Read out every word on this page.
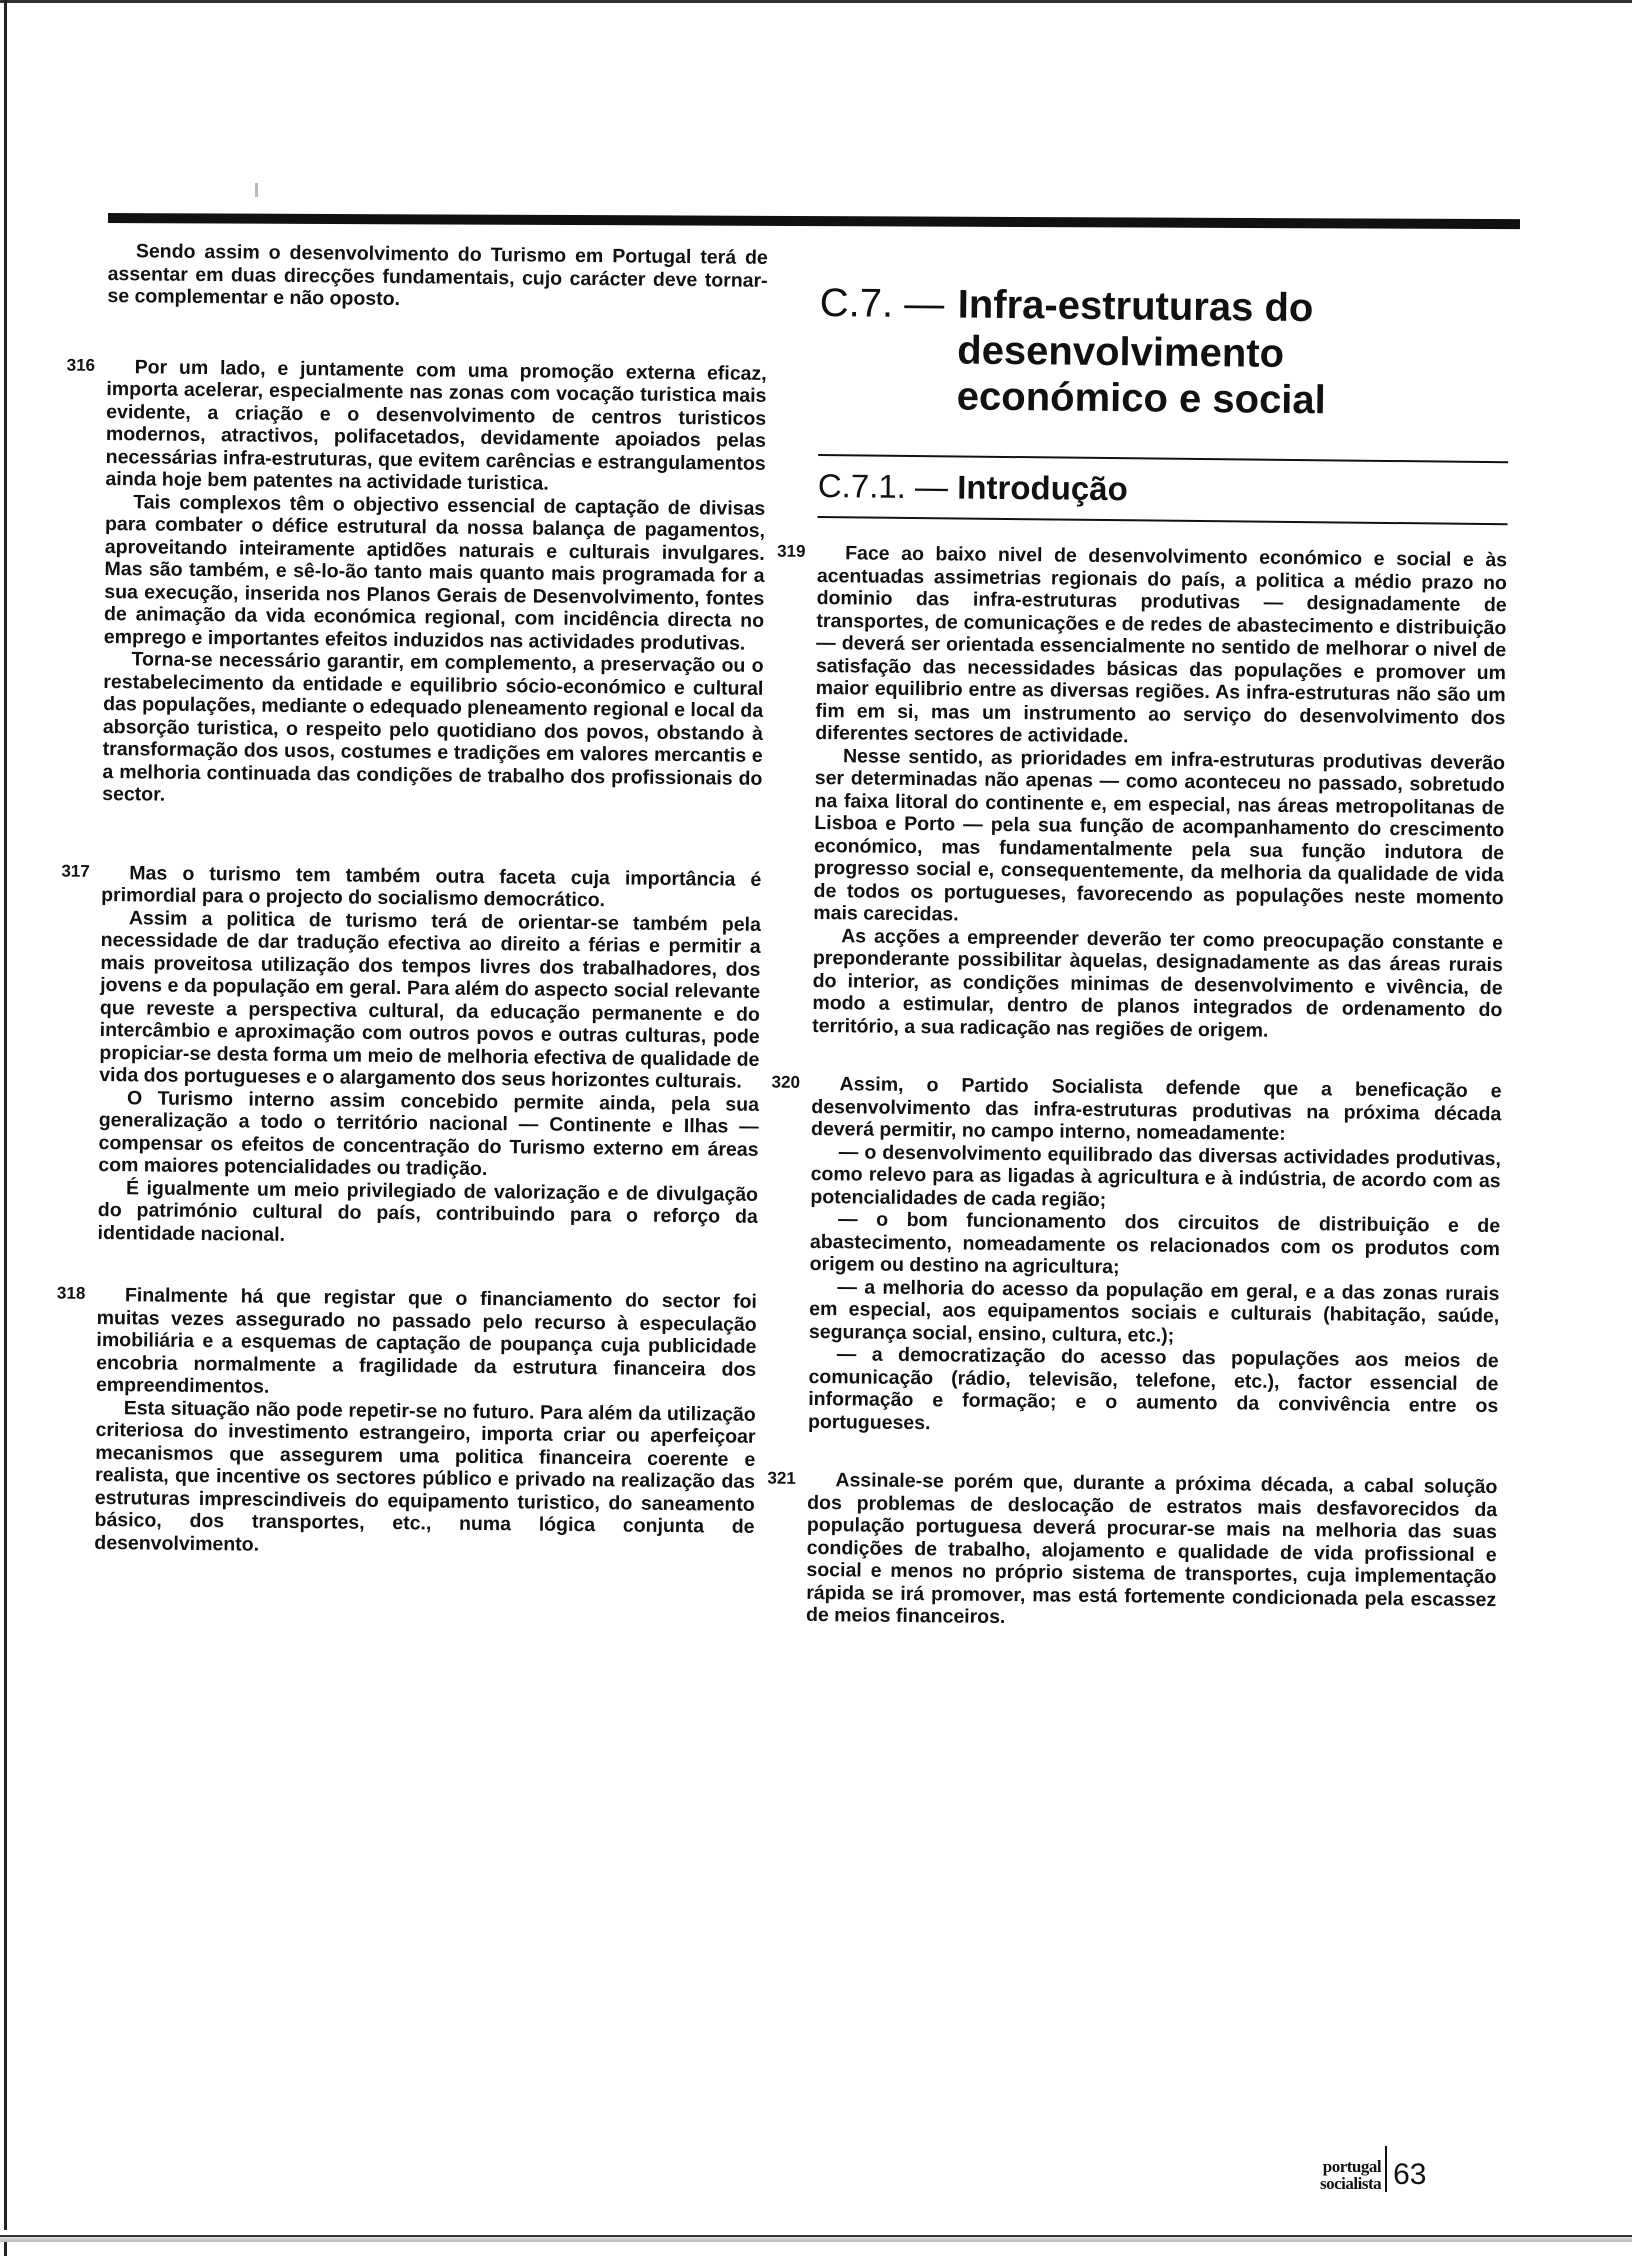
Sendo assim o desenvolvimento do Turismo em Portugal terá de assentar em duas direcções fundamentais, cujo carácter deve tornar-se complementar e não oposto.

316	Por um lado, e juntamente com uma promoção externa eficaz, importa acelerar, especialmente nas zonas com vocação turistica mais evidente, a criação e o desenvolvimento de centros turisticos modernos, atractivos, polifacetados, devidamente apoiados pelas necessárias infra-estruturas, que evitem carências e estrangulamentos ainda hoje bem patentes na actividade turistica.

Tais complexos têm o objectivo essencial de captação de divisas para combater o défice estrutural da nossa balança de pagamentos, aproveitando inteiramente aptidões naturais e culturais invulgares. Mas são também, e sê-lo-ão tanto mais quanto mais programada for a sua execução, inserida nos Planos Gerais de Desenvolvimento, fontes de animação da vida económica regional, com incidência directa no emprego e importantes efeitos induzidos nas actividades produtivas.

Torna-se necessário garantir, em complemento, a preservação ou o restabelecimento da entidade e equilibrio sócio-económico e cultural das populações, mediante o edequado pleneamento regional e local da absorção turistica, o respeito pelo quotidiano dos povos, obstando à transformação dos usos, costumes e tradições em valores mercantis e a melhoria continuada das condições de trabalho dos profissionais do sector.

317	Mas o turismo tem também outra faceta cuja importância é primordial para o projecto do socialismo democrático.

Assim a politica de turismo terá de orientar-se também pela necessidade de dar tradução efectiva ao direito a férias e permitir a mais proveitosa utilização dos tempos livres dos trabalhadores, dos jovens e da população em geral. Para além do aspecto social relevante que reveste a perspectiva cultural, da educação permanente e do intercâmbio e aproximação com outros povos e outras culturas, pode propiciar-se desta forma um meio de melhoria efectiva de qualidade de vida dos portugueses e o alargamento dos seus horizontes culturais.

O Turismo interno assim concebido permite ainda, pela sua generalização a todo o território nacional — Continente e Ilhas — compensar os efeitos de concentração do Turismo externo em áreas com maiores potencialidades ou tradição.

É igualmente um meio privilegiado de valorização e de divulgação do património cultural do país, contribuindo para o reforço da identidade nacional.

318	Finalmente há que registar que o financiamento do sector foi muitas vezes assegurado no passado pelo recurso à especulação imobiliária e a esquemas de captação de poupança cuja publicidade encobria normalmente a fragilidade da estrutura financeira dos empreendimentos.

Esta situação não pode repetir-se no futuro. Para além da utilização criteriosa do investimento estrangeiro, importa criar ou aperfeiçoar mecanismos que assegurem uma politica financeira coerente e realista, que incentive os sectores público e privado na realização das estruturas imprescindiveis do equipamento turistico, do saneamento básico, dos transportes, etc., numa lógica conjunta de desenvolvimento.

C.7. — Infra-estruturas do desenvolvimento económico e social
C.7.1. — Introdução
319	Face ao baixo nivel de desenvolvimento económico e social e às acentuadas assimetrias regionais do país, a politica a médio prazo no dominio das infra-estruturas produtivas — designadamente de transportes, de comunicações e de redes de abastecimento e distribuição — deverá ser orientada essencialmente no sentido de melhorar o nivel de satisfação das necessidades básicas das populações e promover um maior equilibrio entre as diversas regiões. As infra-estruturas não são um fim em si, mas um instrumento ao serviço do desenvolvimento dos diferentes sectores de actividade.

Nesse sentido, as prioridades em infra-estruturas produtivas deverão ser determinadas não apenas — como aconteceu no passado, sobretudo na faixa litoral do continente e, em especial, nas áreas metropolitanas de Lisboa e Porto — pela sua função de acompanhamento do crescimento económico, mas fundamentalmente pela sua função indutora de progresso social e, consequentemente, da melhoria da qualidade de vida de todos os portugueses, favorecendo as populações neste momento mais carecidas.

As acções a empreender deverão ter como preocupação constante e preponderante possibilitar àquelas, designadamente as das áreas rurais do interior, as condições minimas de desenvolvimento e vivência, de modo a estimular, dentro de planos integrados de ordenamento do território, a sua radicação nas regiões de origem.

320	Assim, o Partido Socialista defende que a beneficação e desenvolvimento das infra-estruturas produtivas na próxima década deverá permitir, no campo interno, nomeadamente:

— o desenvolvimento equilibrado das diversas actividades produtivas, como relevo para as ligadas à agricultura e à indústria, de acordo com as potencialidades de cada região;

— o bom funcionamento dos circuitos de distribuição e de abastecimento, nomeadamente os relacionados com os produtos com origem ou destino na agricultura;

— a melhoria do acesso da população em geral, e a das zonas rurais em especial, aos equipamentos sociais e culturais (habitação, saúde, segurança social, ensino, cultura, etc.);

— a democratização do acesso das populações aos meios de comunicação (rádio, televisão, telefone, etc.), factor essencial de informação e formação; e o aumento da convivência entre os portugueses.

321	Assinale-se porém que, durante a próxima década, a cabal solução dos problemas de deslocação de estratos mais desfavorecidos da população portuguesa deverá procurar-se mais na melhoria das suas condições de trabalho, alojamento e qualidade de vida profissional e social e menos no próprio sistema de transportes, cuja implementação rápida se irá promover, mas está fortemente condicionada pela escassez de meios financeiros.

portugal
socialista 63
